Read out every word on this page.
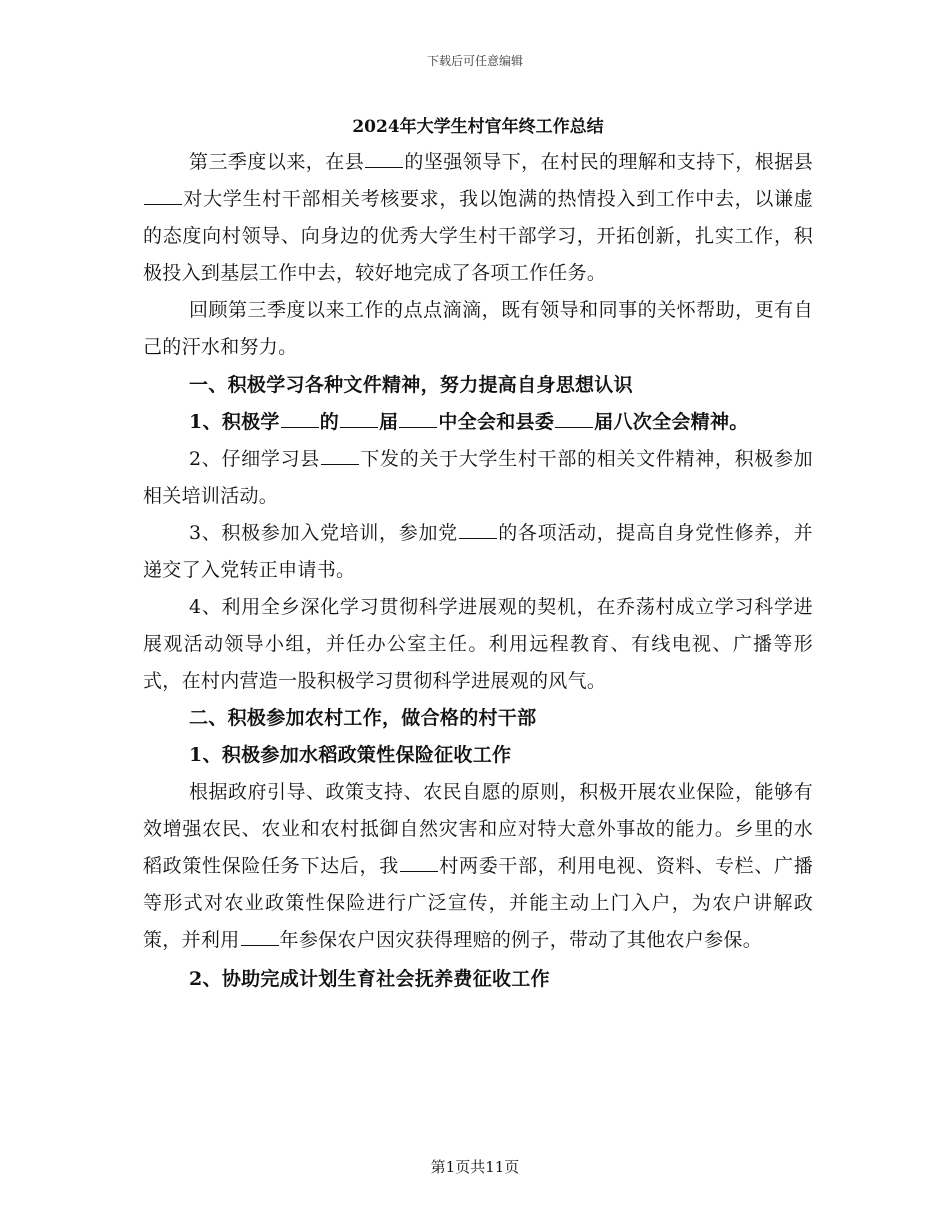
下载后可任意编辑
2024年大学生村官年终工作总结

第三季度以来，在县 的坚强领导下，在村民的理解和支持下，根据县对大学生村干部相关考核要求，我以饱满的热情投入到工作中去，以谦虚的态度向村领导、向身边的优秀大学生村干部学习，开拓创新，扎实工作，积极投入到基层工作中去，较好地完成了各项工作任务。

回顾第三季度以来工作的点点滴滴，既有领导和同事的关怀帮助，更有自己的汗水和努力。

一、积极学习各种文件精神，努力提高自身思想认识

1、积极学 的 届 中全会和县委 届八次全会精神。

2、仔细学习县 下发的关于大学生村干部的相关文件精神，积极参加相关培训活动。

3、积极参加入党培训，参加党 的各项活动，提高自身党性修养，并递交了入党转正申请书。

4、利用全乡深化学习贯彻科学进展观的契机，在乔荡村成立学习科学进展观活动领导小组，并任办公室主任。利用远程教育、有线电视、广播等形式，在村内营造一股积极学习贯彻科学进展观的风气。

二、积极参加农村工作，做合格的村干部

1、积极参加水稻政策性保险征收工作

根据政府引导、政策支持、农民自愿的原则，积极开展农业保险，能够有效增强农民、农业和农村抵御自然灾害和应对特大意外事故的能力。乡里的水稻政策性保险任务下达后，我 村两委干部，利用电视、资料、专栏、广播等形式对农业政策性保险进行广泛宣传，并能主动上门入户，为农户讲解政策，并利用 年参保农户因灾获得理赔的例子，带动了其他农户参保。

2、协助完成计划生育社会抚养费征收工作

第1页共11页
